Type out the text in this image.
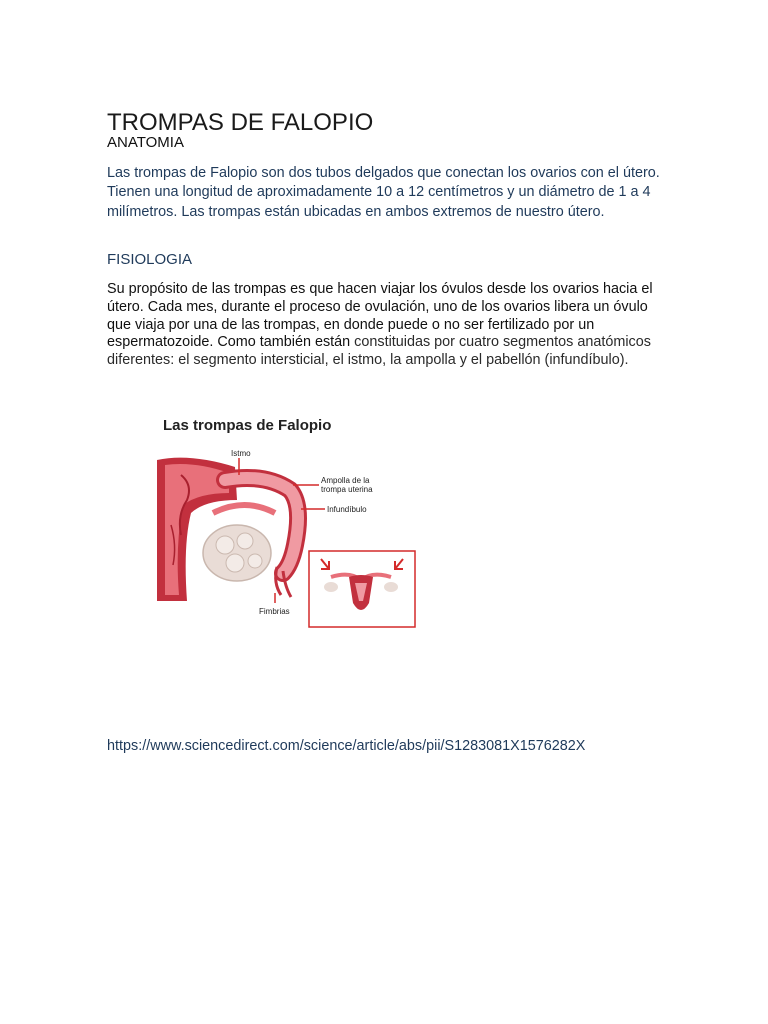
TROMPAS DE FALOPIO
ANATOMIA

Las trompas de Falopio son dos tubos delgados que conectan los ovarios con el útero. Tienen una longitud de aproximadamente 10 a 12 centímetros y un diámetro de 1 a 4 milímetros. Las trompas están ubicadas en ambos extremos de nuestro útero.

FISIOLOGIA

Su propósito de las trompas es que hacen viajar los óvulos desde los ovarios hacia el útero. Cada mes, durante el proceso de ovulación, uno de los ovarios libera un óvulo que viaja por una de las trompas, en donde puede o no ser fertilizado por un espermatozoide. Como también están constituidas por cuatro segmentos anatómicos diferentes: el segmento intersticial, el istmo, la ampolla y el pabellón (infundíbulo).

Las trompas de Falopio
Istmo
Ampolla de la
trompa uterina
Infundíbulo
Fimbrias
https://www.sciencedirect.com/science/article/abs/pii/S1283081X1576282X
